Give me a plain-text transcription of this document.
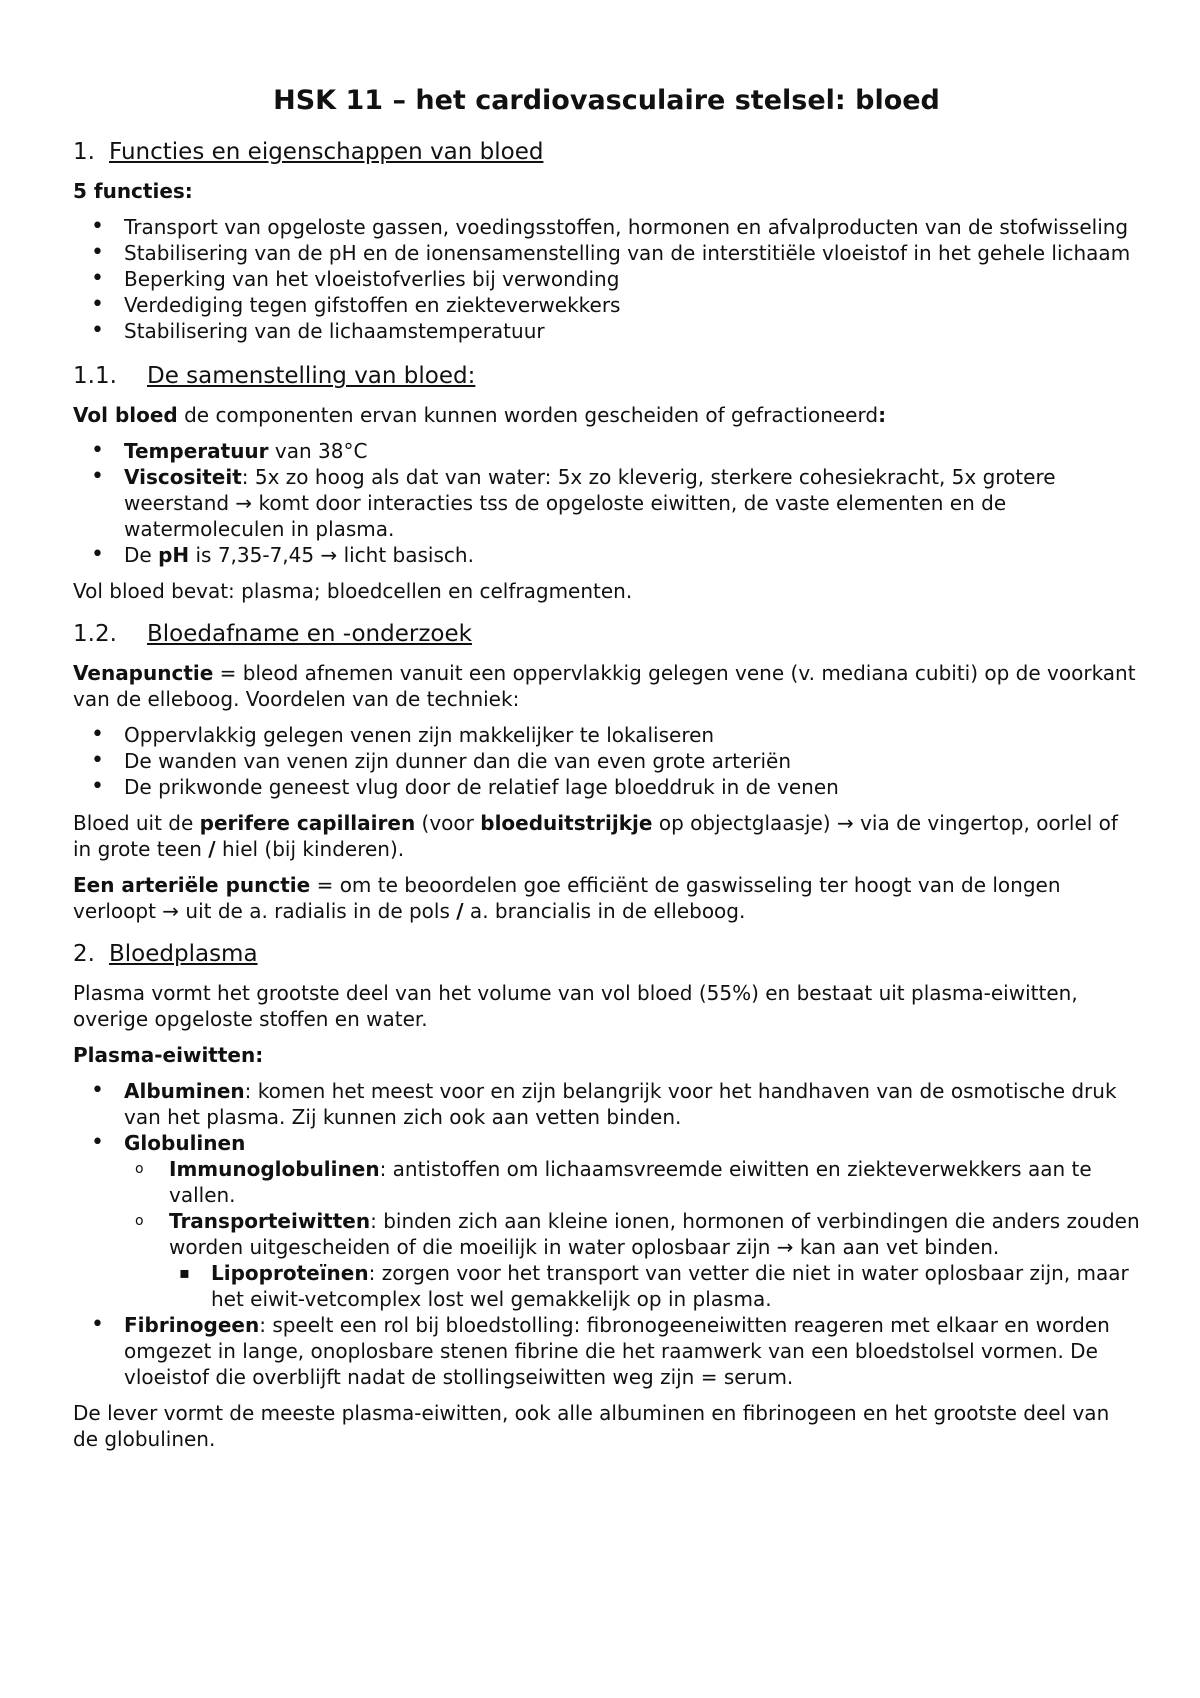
HSK 11 – het cardiovasculaire stelsel: bloed
1. Functies en eigenschappen van bloed
5 functies:
• Transport van opgeloste gassen, voedingsstoffen, hormonen en afvalproducten van de stofwisseling
• Stabilisering van de pH en de ionensamenstelling van de interstitiële vloeistof in het gehele lichaam
• Beperking van het vloeistofverlies bij verwonding
• Verdediging tegen gifstoffen en ziekteverwekkers
• Stabilisering van de lichaamstemperatuur
1.1. De samenstelling van bloed:

Vol bloed de componenten ervan kunnen worden gescheiden of gefractioneerd:

• Temperatuur van 38°C
• Viscositeit: 5x zo hoog als dat van water: 5x zo kleverig, sterkere cohesiekracht, 5x grotere weerstand → komt door interacties tss de opgeloste eiwitten, de vaste elementen en de watermoleculen in plasma.
• De pH is 7,35-7,45 → licht basisch.

Vol bloed bevat: plasma; bloedcellen en celfragmenten.

1.2. Bloedafname en -onderzoek

Venapunctie = bleod afnemen vanuit een oppervlakkig gelegen vene (v. mediana cubiti) op de voorkant van de elleboog. Voordelen van de techniek:

• Oppervlakkig gelegen venen zijn makkelijker te lokaliseren
• De wanden van venen zijn dunner dan die van even grote arteriën
• De prikwonde geneest vlug door de relatief lage bloeddruk in de venen

Bloed uit de perifere capillairen (voor bloeduitstrijkje op objectglaasje) → via de vingertop, oorlel of in grote teen / hiel (bij kinderen).

Een arteriële punctie = om te beoordelen goe efficiënt de gaswisseling ter hoogt van de longen verloopt → uit de a. radialis in de pols / a. brancialis in de elleboog.

2. Bloedplasma

Plasma vormt het grootste deel van het volume van vol bloed (55%) en bestaat uit plasma-eiwitten, overige opgeloste stoffen en water.

Plasma-eiwitten:
• Albuminen: komen het meest voor en zijn belangrijk voor het handhaven van de osmotische druk van het plasma. Zij kunnen zich ook aan vetten binden.
• Globulinen
o Immunoglobulinen: antistoffen om lichaamsvreemde eiwitten en ziekteverwekkers aan te vallen.
o Transporteiwitten: binden zich aan kleine ionen, hormonen of verbindingen die anders zouden worden uitgescheiden of die moeilijk in water oplosbaar zijn → kan aan vet binden.
▪ Lipoproteïnen: zorgen voor het transport van vetter die niet in water oplosbaar zijn, maar het eiwit-vetcomplex lost wel gemakkelijk op in plasma.
• Fibrinogeen: speelt een rol bij bloedstolling: fibronogeeneiwitten reageren met elkaar en worden omgezet in lange, onoplosbare stenen fibrine die het raamwerk van een bloedstolsel vormen. De vloeistof die overblijft nadat de stollingseiwitten weg zijn = serum.

De lever vormt de meeste plasma-eiwitten, ook alle albuminen en fibrinogeen en het grootste deel van de globulinen.
